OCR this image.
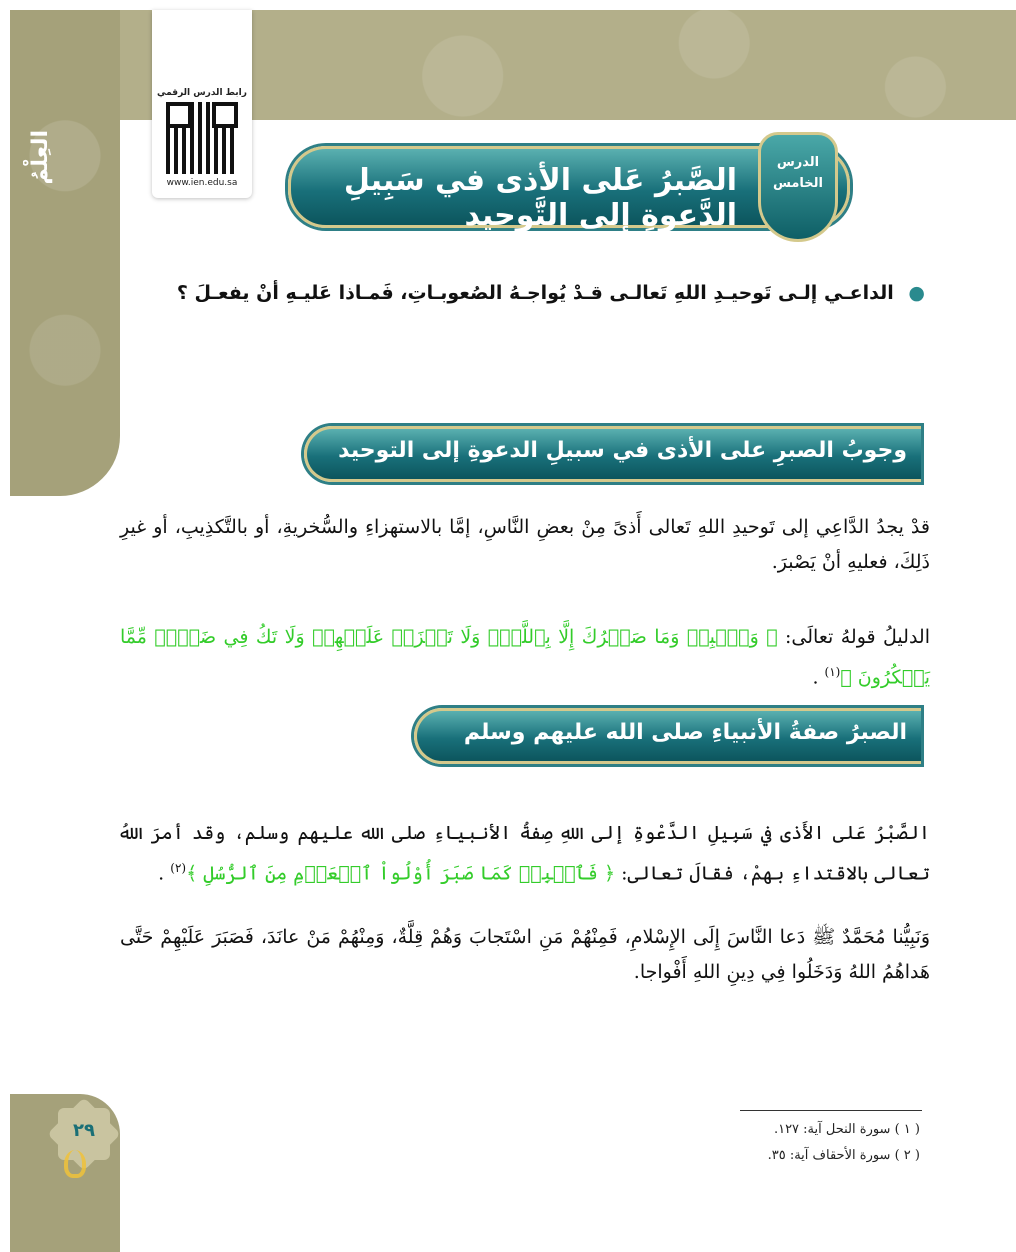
العِلْمُ
رابط الدرس الرقمي
www.ien.edu.sa	الصَّبرُ عَلى الأذى في سَبِيلِ الدَّعوةِ إلى التَّوحيد
الدرس
الخامس
● الداعـي إلـى تَوحيـدِ اللهِ تَعالـى قـدْ يُواجـهُ الصُعوبـاتِ، فَمـاذا عَليـهِ أنْ يفعـلَ ؟
وجوبُ الصبرِ على الأذى في سبيلِ الدعوةِ إلى التوحيد
قدْ يجدُ الدَّاعِي إلى تَوحيدِ اللهِ تَعالى أَذىً مِنْ بعضِ النَّاسِ، إمَّا بالاستهزاءِ والسُّخريةِ، أو بالتَّكذِيبِ، أو غيرِ ذَلِكَ، فعليهِ أنْ يَصْبرَ.
الدليلُ قولهُ تعالَى: ﴿ وَٱصۡبِرۡ وَمَا صَبۡرُكَ إِلَّا بِٱللَّهِۚ وَلَا تَحۡزَنۡ عَلَيۡهِمۡ وَلَا تَكُ فِي ضَيۡقٖ مِّمَّا يَمۡكُرُونَ ﴾$^{(١)}$ .
الصبرُ صفةُ الأنبياءِ صلى الله عليهم وسلم
الصَّبْرُ عَلى الأَذى في سَبِيلِ الدَّعْوةِ إلى اللهِ صِفةُ الأنبياءِ صلى الله عليهم وسلم، وقد أمرَ اللهُ تعالى بالاقتداءِ بهمْ، فقالَ تعالى: ﴿ فَٱصۡبِرۡ كَمَا صَبَرَ أُوْلُواْ ٱلۡعَزۡمِ مِنَ ٱلرُّسُلِ ﴾$^{(٢)}$ .
وَنَبِيُّنا مُحَمَّدٌ ﷺ دَعا النَّاسَ إِلَى الإِسْلامِ، فَمِنْهُمْ مَنِ اسْتَجابَ وَهُمْ قِلَّةٌ، وَمِنْهُمْ مَنْ عانَدَ، فَصَبَرَ عَلَيْهِمْ حَتَّى هَداهُمُ اللهُ وَدَخَلُوا فِي دِينِ اللهِ أَفْواجا.
٢٩	( ١ ) سورة النحل آية: ١٢٧.
( ٢ ) سورة الأحقاف آية: ٣٥.
